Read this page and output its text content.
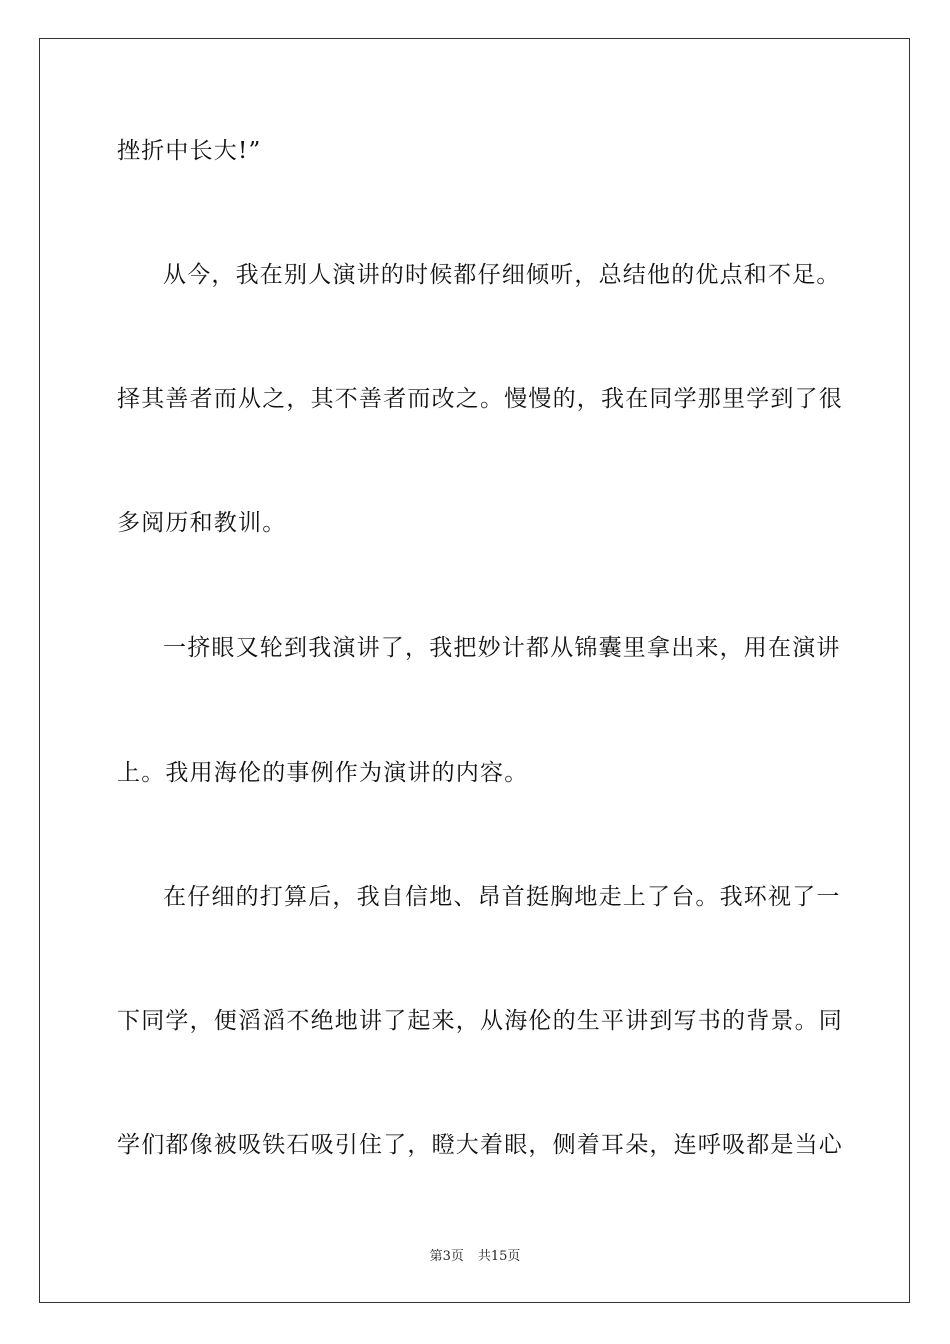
挫折中长大!”
从今，我在别人演讲的时候都仔细倾听，总结他的优点和不足。
择其善者而从之，其不善者而改之。慢慢的，我在同学那里学到了很
多阅历和教训。
一挤眼又轮到我演讲了，我把妙计都从锦囊里拿出来，用在演讲
上。我用海伦的事例作为演讲的内容。
在仔细的打算后，我自信地、昂首挺胸地走上了台。我环视了一
下同学，便滔滔不绝地讲了起来，从海伦的生平讲到写书的背景。同
学们都像被吸铁石吸引住了，瞪大着眼，侧着耳朵，连呼吸都是当心
第3页 共15页
